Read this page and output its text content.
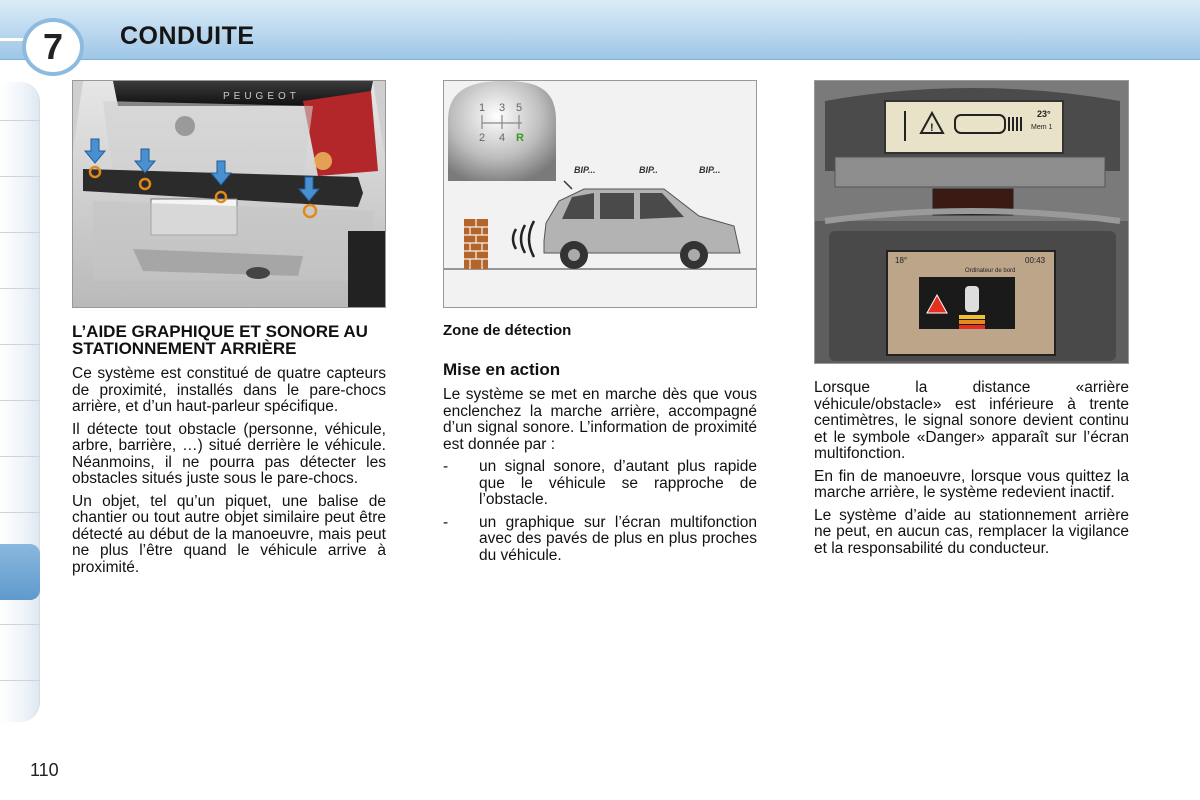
7 CONDUITE
PEUGEOT
1 3 5
2 4 R
BIP...	BIP..	BIP...
!
23°
Mem 1
18°
Ordinateur de bord
00:43
L’AIDE GRAPHIQUE ET SONORE AU STATIONNEMENT ARRIÈRE

Ce système est constitué de quatre capteurs de proximité, installés dans le pare-chocs arrière, et d’un haut-parleur spécifique.

Il détecte tout obstacle (personne, véhicule, arbre, barrière, …) situé derrière le véhicule. Néanmoins, il ne pourra pas détecter les obstacles situés juste sous le pare-chocs.

Un objet, tel qu’un piquet, une balise de chantier ou tout autre objet similaire peut être détecté au début de la manoeuvre, mais peut ne plus l’être quand le véhicule arrive à proximité.

Zone de détection
Mise en action

Le système se met en marche dès que vous enclenchez la marche arrière, accompagné d’un signal sonore. L’information de proximité est donnée par :

-	un signal sonore, d’autant plus rapide que le véhicule se rapproche de l’obstacle.
-	un graphique sur l’écran multifonction avec des pavés de plus en plus proches du véhicule.

Lorsque la distance «arrière véhicule/obstacle» est inférieure à trente centimètres, le signal sonore devient continu et le symbole «Danger» apparaît sur l’écran multifonction.

En fin de manoeuvre, lorsque vous quittez la marche arrière, le système redevient inactif.

Le système d’aide au stationnement arrière ne peut, en aucun cas, remplacer la vigilance et la responsabilité du conducteur.

110
